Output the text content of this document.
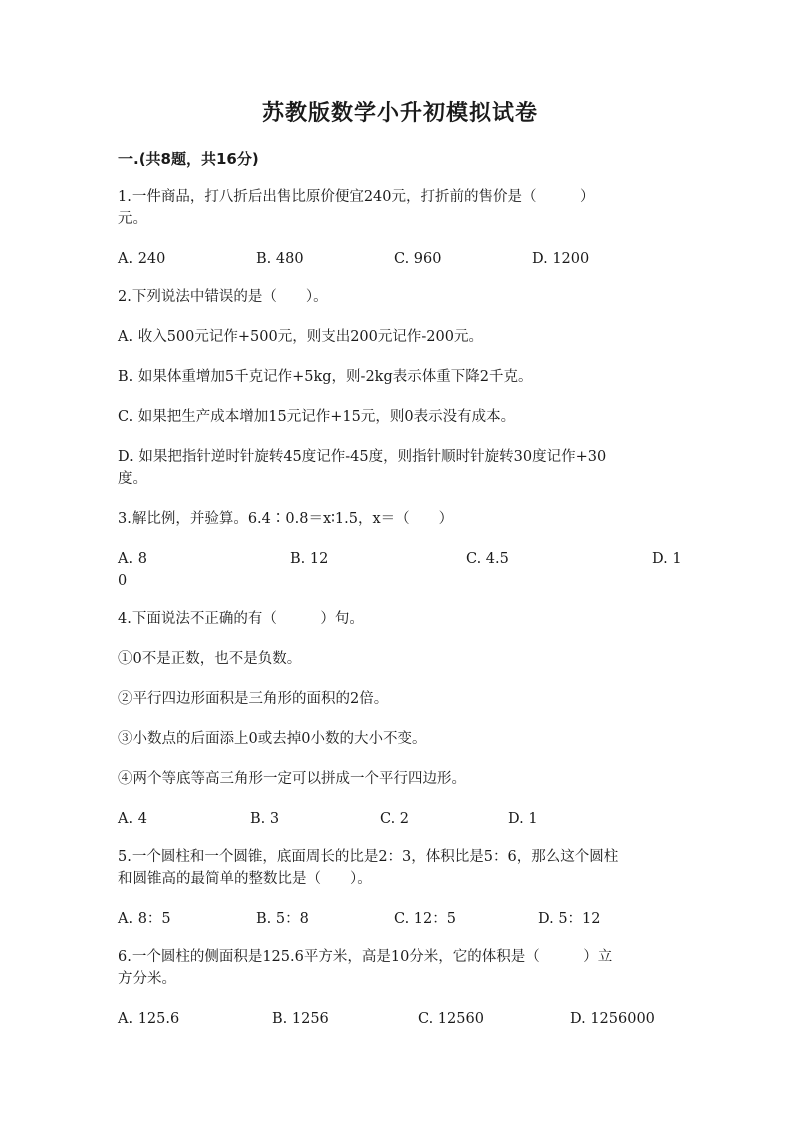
苏教版数学小升初模拟试卷
一.(共8题，共16分)
1.一件商品，打八折后出售比原价便宜240元，打折前的售价是（　　　）
元。
A. 240	B. 480	C. 960	D. 1200
2.下列说法中错误的是（　　）。
A. 收入500元记作+500元，则支出200元记作-200元。
B. 如果体重增加5千克记作+5kg，则-2kg表示体重下降2千克。
C. 如果把生产成本增加15元记作+15元，则0表示没有成本。
D. 如果把指针逆时针旋转45度记作-45度，则指针顺时针旋转30度记作+30
度。
3.解比例，并验算。6.4∶0.8＝x∶1.5，x＝（　　）
A. 8	B. 12	C. 4.5	D. 1
0
4.下面说法不正确的有（　　　）句。
①0不是正数，也不是负数。
②平行四边形面积是三角形的面积的2倍。
③小数点的后面添上0或去掉0小数的大小不变。
④两个等底等高三角形一定可以拼成一个平行四边形。
A. 4	B. 3	C. 2	D. 1
5.一个圆柱和一个圆锥，底面周长的比是2：3，体积比是5：6，那么这个圆柱
和圆锥高的最简单的整数比是（　　）。
A. 8：5	B. 5：8	C. 12：5	D. 5：12
6.一个圆柱的侧面积是125.6平方米，高是10分米，它的体积是（　　　）立
方分米。
A. 125.6	B. 1256	C. 12560	D. 1256000
